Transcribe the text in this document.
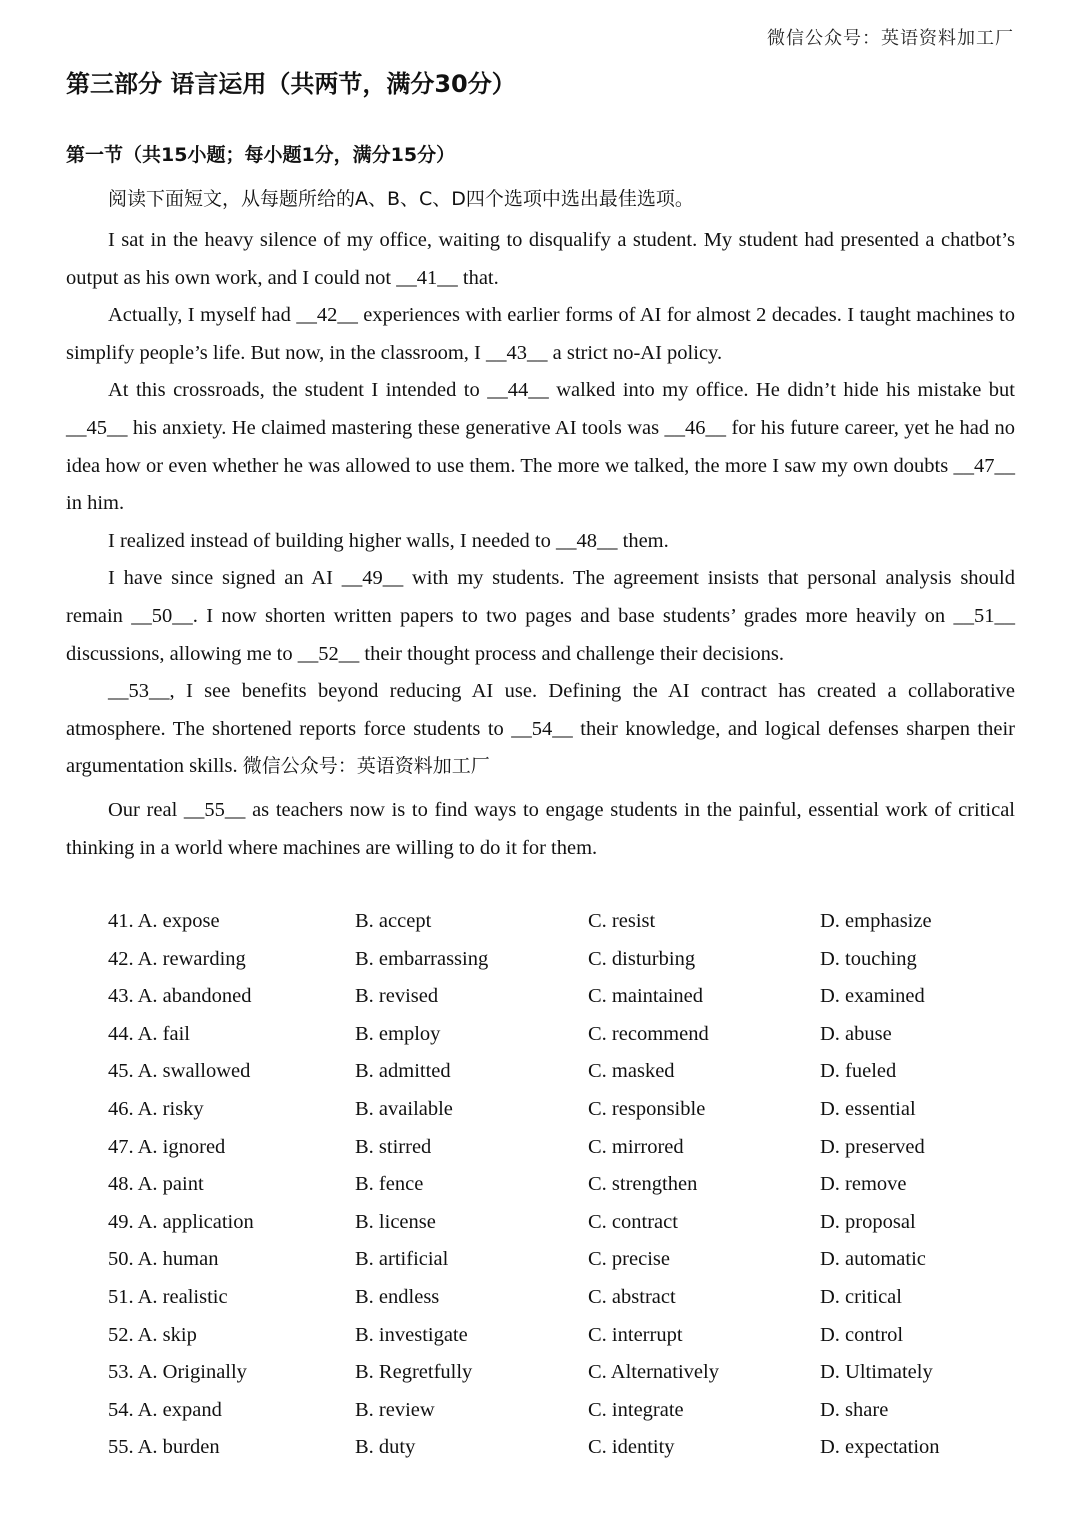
微信公众号：英语资料加工厂
第三部分 语言运用（共两节，满分30分）
第一节（共15小题；每小题1分，满分15分）
阅读下面短文，从每题所给的A、B、C、D四个选项中选出最佳选项。

I sat in the heavy silence of my office, waiting to disqualify a student. My student had presented a chatbot’s output as his own work, and I could not __41__ that.

Actually, I myself had __42__ experiences with earlier forms of AI for almost 2 decades. I taught machines to simplify people’s life. But now, in the classroom, I __43__ a strict no-AI policy.

At this crossroads, the student I intended to __44__ walked into my office. He didn’t hide his mistake but __45__ his anxiety. He claimed mastering these generative AI tools was __46__ for his future career, yet he had no idea how or even whether he was allowed to use them. The more we talked, the more I saw my own doubts __47__ in him.

I realized instead of building higher walls, I needed to __48__ them.

I have since signed an AI __49__ with my students. The agreement insists that personal analysis should remain __50__. I now shorten written papers to two pages and base students’ grades more heavily on __51__ discussions, allowing me to __52__ their thought process and challenge their decisions.

__53__, I see benefits beyond reducing AI use. Defining the AI contract has created a collaborative atmosphere. The shortened reports force students to __54__ their knowledge, and logical defenses sharpen their argumentation skills. 微信公众号：英语资料加工厂

Our real __55__ as teachers now is to find ways to engage students in the painful, essential work of critical thinking in a world where machines are willing to do it for them.

41. A. expose	B. accept	C. resist	D. emphasize
42. A. rewarding	B. embarrassing	C. disturbing	D. touching
43. A. abandoned	B. revised	C. maintained	D. examined
44. A. fail	B. employ	C. recommend	D. abuse
45. A. swallowed	B. admitted	C. masked	D. fueled
46. A. risky	B. available	C. responsible	D. essential
47. A. ignored	B. stirred	C. mirrored	D. preserved
48. A. paint	B. fence	C. strengthen	D. remove
49. A. application	B. license	C. contract	D. proposal
50. A. human	B. artificial	C. precise	D. automatic
51. A. realistic	B. endless	C. abstract	D. critical
52. A. skip	B. investigate	C. interrupt	D. control
53. A. Originally	B. Regretfully	C. Alternatively	D. Ultimately
54. A. expand	B. review	C. integrate	D. share
55. A. burden	B. duty	C. identity	D. expectation
